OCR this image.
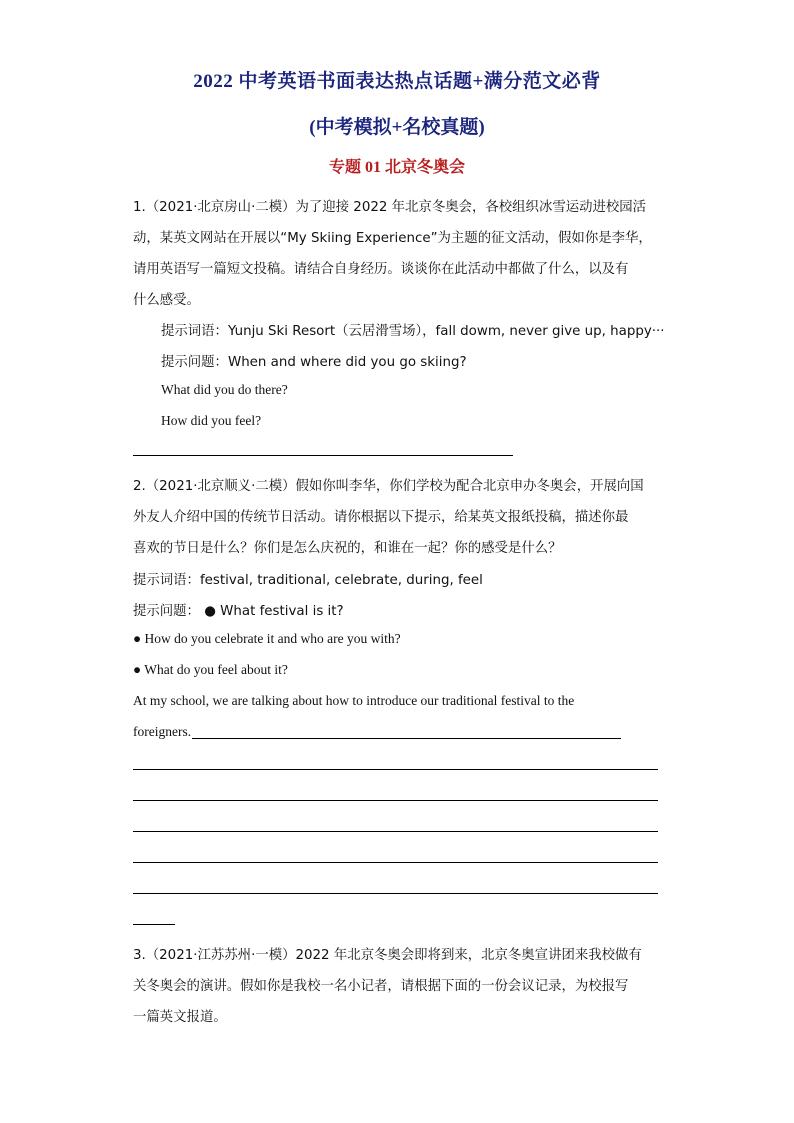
2022 中考英语书面表达热点话题+满分范文必背
(中考模拟+名校真题)
专题 01 北京冬奥会
1.（2021·北京房山·二模）为了迎接 2022 年北京冬奥会，各校组织冰雪运动进校园活
动，某英文网站在开展以“My Skiing Experience”为主题的征文活动，假如你是李华，
请用英语写一篇短文投稿。请结合自身经历。谈谈你在此活动中都做了什么，以及有
什么感受。
提示词语：Yunju Ski Resort（云居滑雪场），fall dowm, never give up, happy···
提示问题：When and where did you go skiing?
What did you do there?
How did you feel?
2.（2021·北京顺义·二模）假如你叫李华，你们学校为配合北京申办冬奥会，开展向国
外友人介绍中国的传统节日活动。请你根据以下提示，给某英文报纸投稿，描述你最
喜欢的节日是什么？你们是怎么庆祝的，和谁在一起？你的感受是什么？
提示词语：festival, traditional, celebrate, during, feel
提示问题： ● What festival is it?
● How do you celebrate it and who are you with?
● What do you feel about it?
At my school, we are talking about how to introduce our traditional festival to the
foreigners.
3.（2021·江苏苏州·一模）2022 年北京冬奥会即将到来，北京冬奥宣讲团来我校做有
关冬奥会的演讲。假如你是我校一名小记者，请根据下面的一份会议记录，为校报写
一篇英文报道。
